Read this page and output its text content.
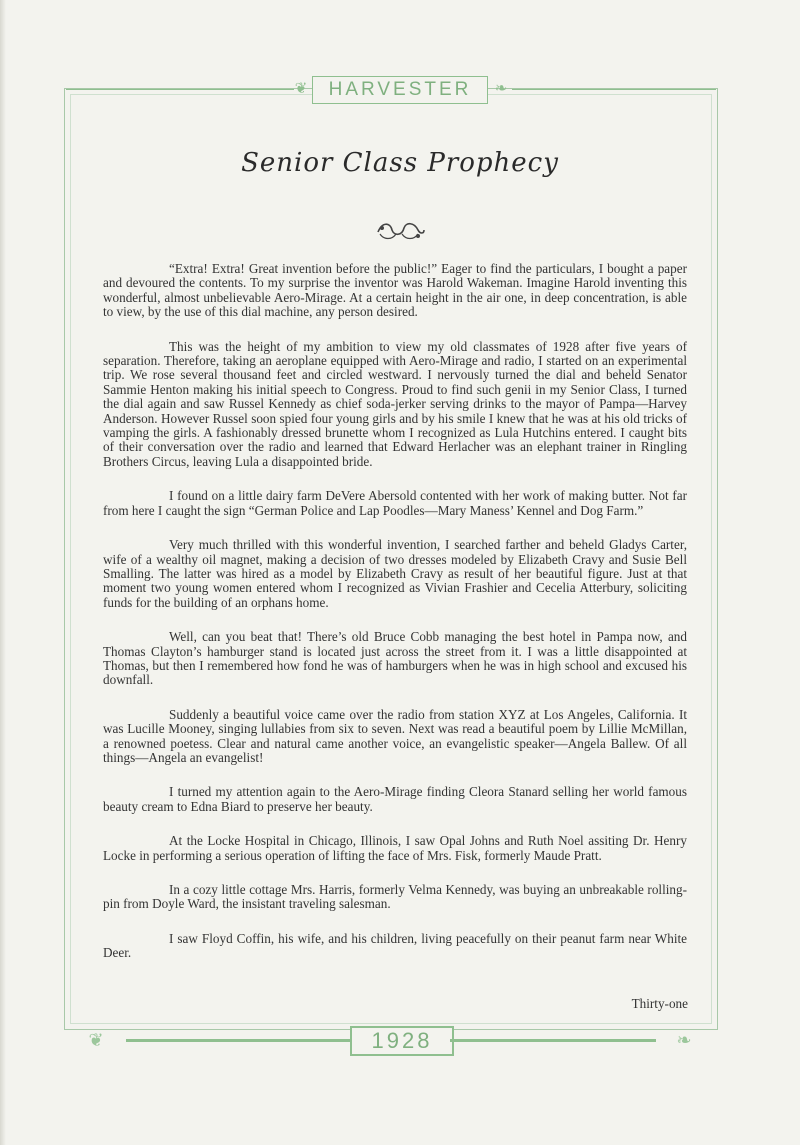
❦ HARVESTER	❧
Senior Class Prophecy

“Extra! Extra! Great invention before the public!” Eager to find the particulars, I bought a paper and devoured the contents. To my surprise the inventor was Harold Wakeman. Imagine Harold inventing this wonderful, almost unbelievable Aero-Mirage. At a certain height in the air one, in deep concentration, is able to view, by the use of this dial machine, any person desired.

This was the height of my ambition to view my old classmates of 1928 after five years of separation. Therefore, taking an aeroplane equipped with Aero-Mirage and radio, I started on an experimental trip. We rose several thousand feet and circled westward. I nervously turned the dial and beheld Senator Sammie Henton making his initial speech to Congress. Proud to find such genii in my Senior Class, I turned the dial again and saw Russel Kennedy as chief soda-jerker serving drinks to the mayor of Pampa—Harvey Anderson. However Russel soon spied four young girls and by his smile I knew that he was at his old tricks of vamping the girls. A fashionably dressed brunette whom I recognized as Lula Hutchins entered. I caught bits of their conversation over the radio and learned that Edward Herlacher was an elephant trainer in Ringling Brothers Circus, leaving Lula a disappointed bride.

I found on a little dairy farm DeVere Abersold contented with her work of making butter. Not far from here I caught the sign “German Police and Lap Poodles—Mary Maness’ Kennel and Dog Farm.”

Very much thrilled with this wonderful invention, I searched farther and beheld Gladys Carter, wife of a wealthy oil magnet, making a decision of two dresses modeled by Elizabeth Cravy and Susie Bell Smalling. The latter was hired as a model by Elizabeth Cravy as result of her beautiful figure. Just at that moment two young women entered whom I recognized as Vivian Frashier and Cecelia Atterbury, soliciting funds for the building of an orphans home.

Well, can you beat that! There’s old Bruce Cobb managing the best hotel in Pampa now, and Thomas Clayton’s hamburger stand is located just across the street from it. I was a little disappointed at Thomas, but then I remembered how fond he was of hamburgers when he was in high school and excused his downfall.

Suddenly a beautiful voice came over the radio from station XYZ at Los Angeles, California. It was Lucille Mooney, singing lullabies from six to seven. Next was read a beautiful poem by Lillie McMillan, a renowned poetess. Clear and natural came another voice, an evangelistic speaker—Angela Ballew. Of all things—Angela an evangelist!

I turned my attention again to the Aero-Mirage finding Cleora Stanard selling her world famous beauty cream to Edna Biard to preserve her beauty.

At the Locke Hospital in Chicago, Illinois, I saw Opal Johns and Ruth Noel assiting Dr. Henry Locke in performing a serious operation of lifting the face of Mrs. Fisk, formerly Maude Pratt.

In a cozy little cottage Mrs. Harris, formerly Velma Kennedy, was buying an unbreakable rolling-pin from Doyle Ward, the insistant traveling salesman.

I saw Floyd Coffin, his wife, and his children, living peacefully on their peanut farm near White Deer.

Thirty-one
❦	1928	❧
